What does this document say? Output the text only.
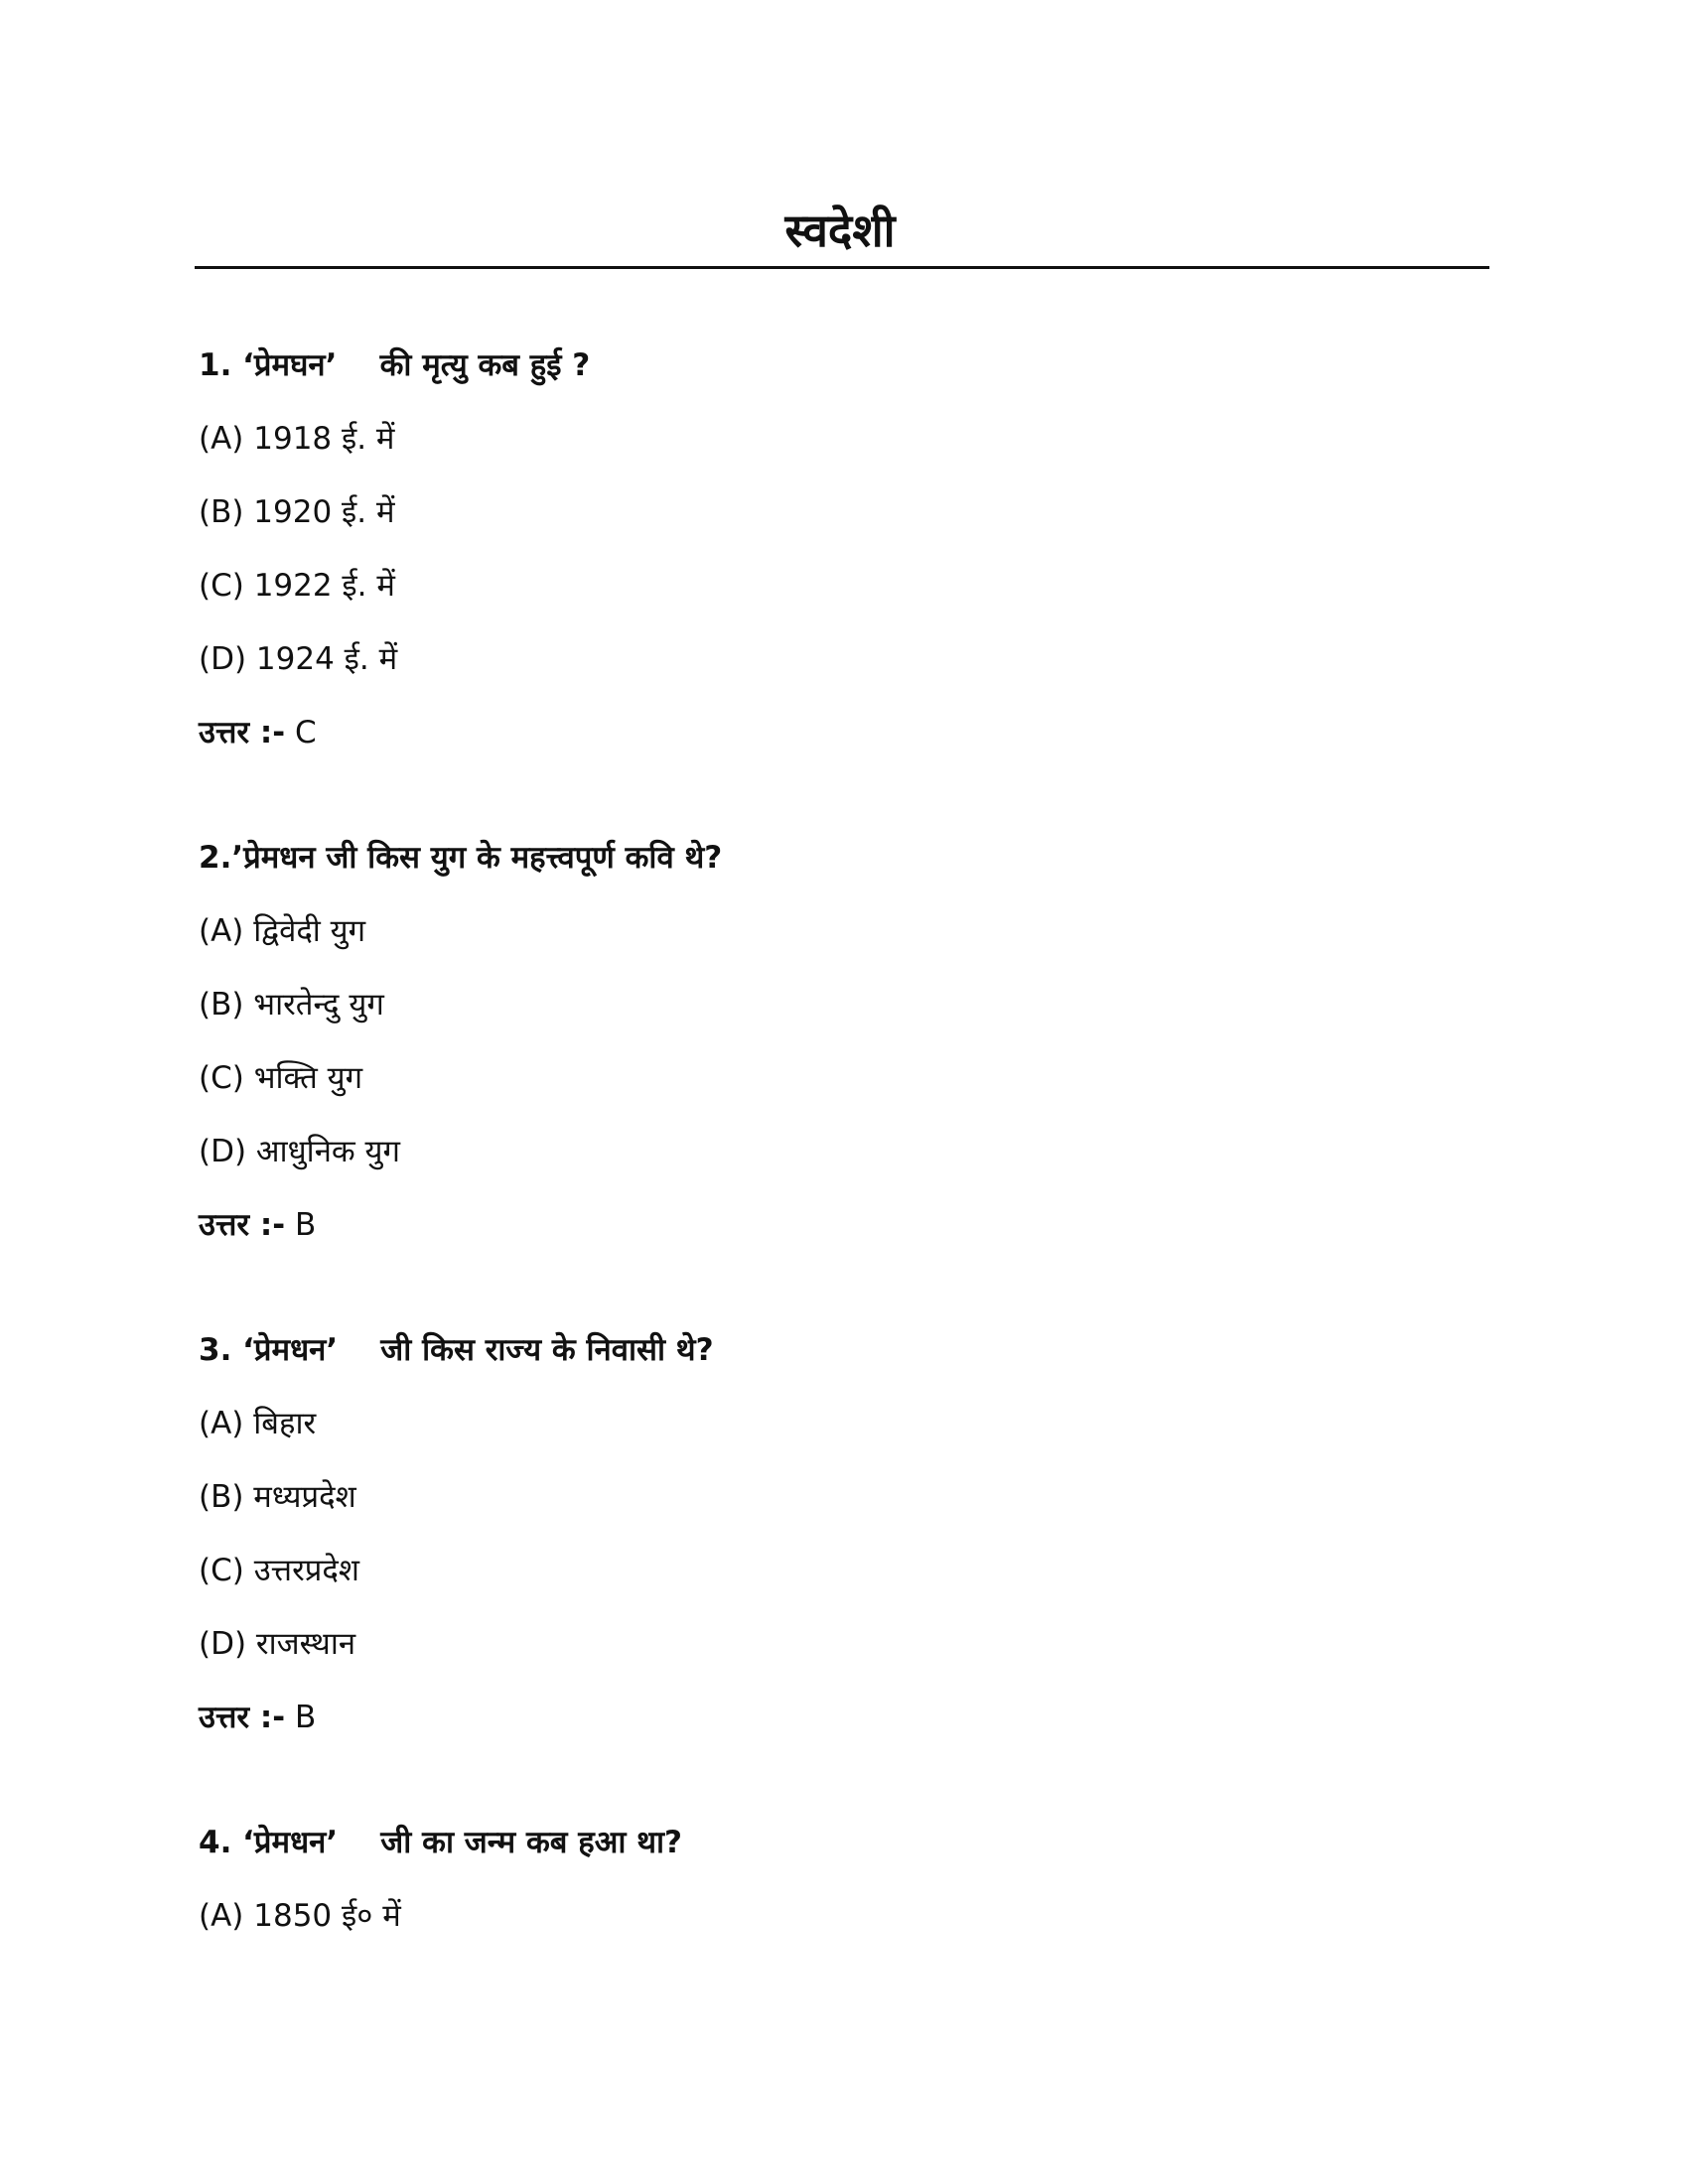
स्वदेशी
1. ‘प्रेमघन’    की मृत्यु कब हुई ?
(A) 1918 ई. में
(B) 1920 ई. में
(C) 1922 ई. में
(D) 1924 ई. में
उत्तर :- C
2.’प्रेमधन जी किस युग के महत्त्वपूर्ण कवि थे?
(A) द्विवेदी युग
(B) भारतेन्दु युग
(C) भक्ति युग
(D) आधुनिक युग
उत्तर :- B
3. ‘प्रेमधन’    जी किस राज्य के निवासी थे?
(A) बिहार
(B) मध्यप्रदेश
(C) उत्तरप्रदेश
(D) राजस्थान
उत्तर :- B
4. ‘प्रेमधन’    जी का जन्म कब हआ था?
(A) 1850 ई० में
